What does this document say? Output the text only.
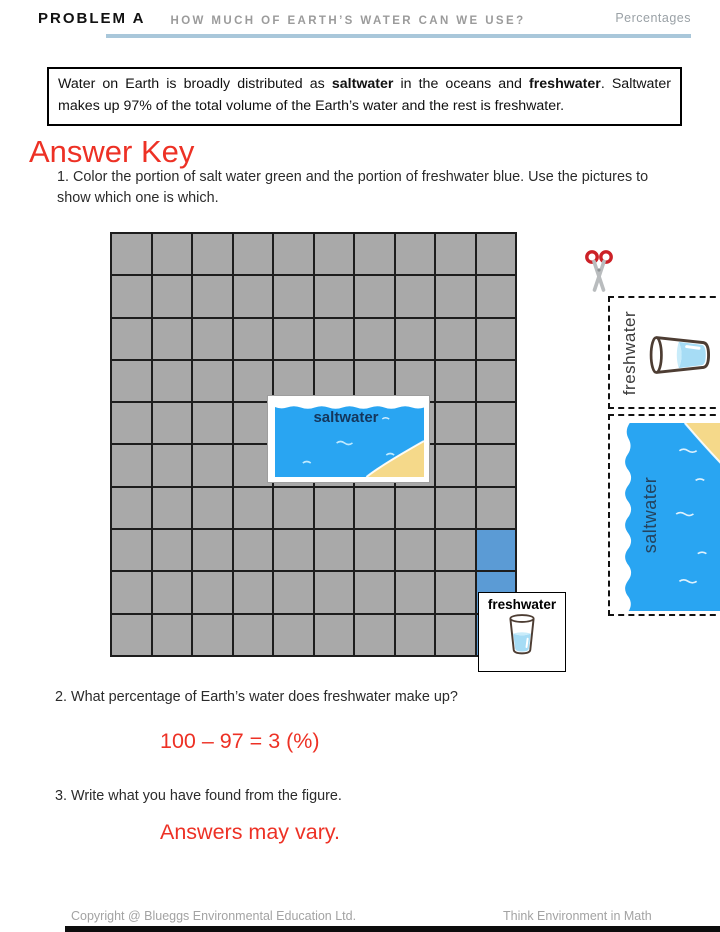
PROBLEM A HOW MUCH OF EARTH’S WATER CAN WE USE?	Percentages
Water on Earth is broadly distributed as saltwater in the oceans and freshwater. Saltwater makes up 97% of the total volume of the Earth’s water and the rest is freshwater.
Answer Key
1. Color the portion of salt water green and the portion of freshwater blue. Use the pictures to show which one is which.
saltwater
freshwater
freshwater
saltwater
2. What percentage of Earth’s water does freshwater make up?
100 – 97 = 3 (%)
3. Write what you have found from the figure.
Answers may vary.
Copyright @ Blueggs Environmental Education Ltd.	Think Environment in Math
